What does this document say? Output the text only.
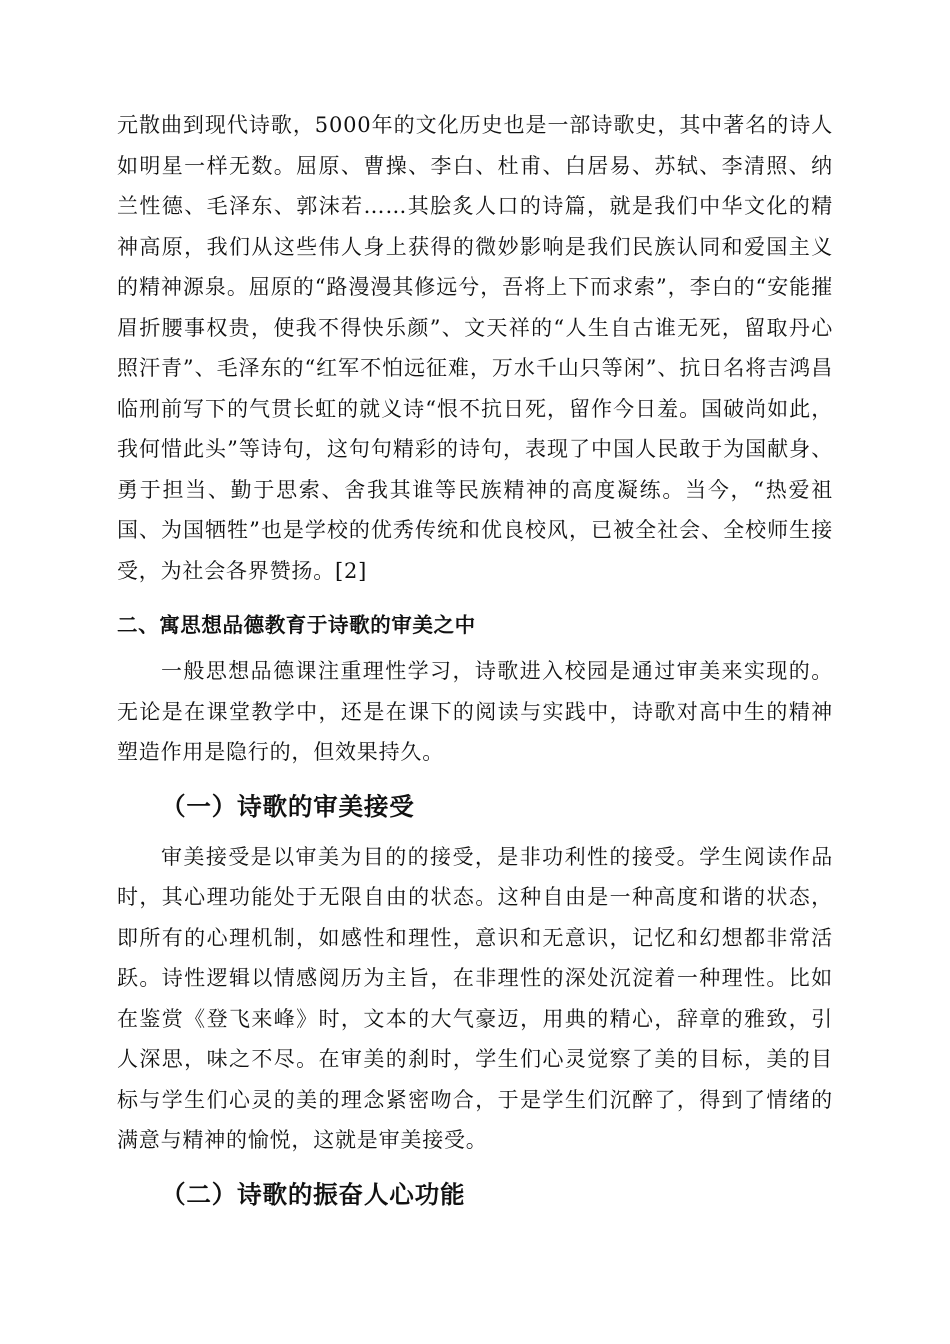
元散曲到现代诗歌，5000年的文化历史也是一部诗歌史，其中著名的诗人如明星一样无数。屈原、曹操、李白、杜甫、白居易、苏轼、李清照、纳兰性德、毛泽东、郭沫若……其脍炙人口的诗篇，就是我们中华文化的精神高原，我们从这些伟人身上获得的微妙影响是我们民族认同和爱国主义的精神源泉。屈原的“路漫漫其修远兮，吾将上下而求索”，李白的“安能摧眉折腰事权贵，使我不得快乐颜”、文天祥的“人生自古谁无死，留取丹心照汗青”、毛泽东的“红军不怕远征难，万水千山只等闲”、抗日名将吉鸿昌临刑前写下的气贯长虹的就义诗“恨不抗日死，留作今日羞。国破尚如此，我何惜此头”等诗句，这句句精彩的诗句，表现了中国人民敢于为国献身、勇于担当、勤于思索、舍我其谁等民族精神的高度凝练。当今，“热爱祖国、为国牺牲”也是学校的优秀传统和优良校风，已被全社会、全校师生接受，为社会各界赞扬。[2]

二、寓思想品德教育于诗歌的审美之中

一般思想品德课注重理性学习，诗歌进入校园是通过审美来实现的。无论是在课堂教学中，还是在课下的阅读与实践中，诗歌对高中生的精神塑造作用是隐行的，但效果持久。

（一）诗歌的审美接受

审美接受是以审美为目的的接受，是非功利性的接受。学生阅读作品时，其心理功能处于无限自由的状态。这种自由是一种高度和谐的状态，即所有的心理机制，如感性和理性，意识和无意识，记忆和幻想都非常活跃。诗性逻辑以情感阅历为主旨，在非理性的深处沉淀着一种理性。比如在鉴赏《登飞来峰》时，文本的大气豪迈，用典的精心，辞章的雅致，引人深思，味之不尽。在审美的刹时，学生们心灵觉察了美的目标，美的目标与学生们心灵的美的理念紧密吻合，于是学生们沉醉了，得到了情绪的满意与精神的愉悦，这就是审美接受。

（二）诗歌的振奋人心功能
